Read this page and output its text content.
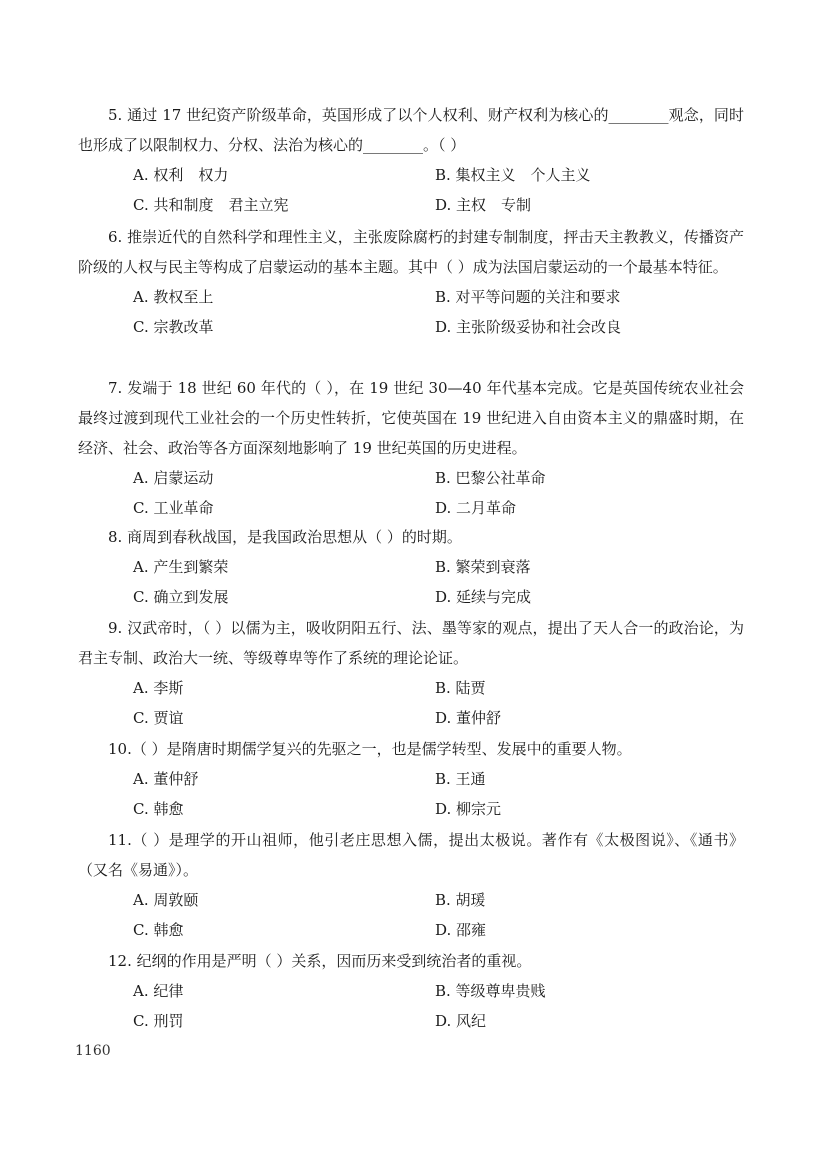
5. 通过 17 世纪资产阶级革命，英国形成了以个人权利、财产权利为核心的________观念，同时也形成了以限制权力、分权、法治为核心的________。（ ）

A. 权利　权力	B. 集权主义　个人主义
C. 共和制度　君主立宪	D. 主权　专制

6. 推崇近代的自然科学和理性主义，主张废除腐朽的封建专制制度，抨击天主教教义，传播资产阶级的人权与民主等构成了启蒙运动的基本主题。其中（ ）成为法国启蒙运动的一个最基本特征。

A. 教权至上	B. 对平等问题的关注和要求
C. 宗教改革	D. 主张阶级妥协和社会改良

7. 发端于 18 世纪 60 年代的（ ），在 19 世纪 30—40 年代基本完成。它是英国传统农业社会最终过渡到现代工业社会的一个历史性转折，它使英国在 19 世纪进入自由资本主义的鼎盛时期，在经济、社会、政治等各方面深刻地影响了 19 世纪英国的历史进程。

A. 启蒙运动	B. 巴黎公社革命
C. 工业革命	D. 二月革命

8. 商周到春秋战国，是我国政治思想从（ ）的时期。

A. 产生到繁荣	B. 繁荣到衰落
C. 确立到发展	D. 延续与完成

9. 汉武帝时，（ ）以儒为主，吸收阴阳五行、法、墨等家的观点，提出了天人合一的政治论，为君主专制、政治大一统、等级尊卑等作了系统的理论论证。

A. 李斯	B. 陆贾
C. 贾谊	D. 董仲舒

10.（ ）是隋唐时期儒学复兴的先驱之一，也是儒学转型、发展中的重要人物。

A. 董仲舒	B. 王通
C. 韩愈	D. 柳宗元

11.（ ）是理学的开山祖师，他引老庄思想入儒，提出太极说。著作有《太极图说》、《通书》（又名《易通》）。

A. 周敦颐	B. 胡瑗
C. 韩愈	D. 邵雍

12. 纪纲的作用是严明（ ）关系，因而历来受到统治者的重视。

A. 纪律	B. 等级尊卑贵贱
C. 刑罚	D. 风纪
1160
